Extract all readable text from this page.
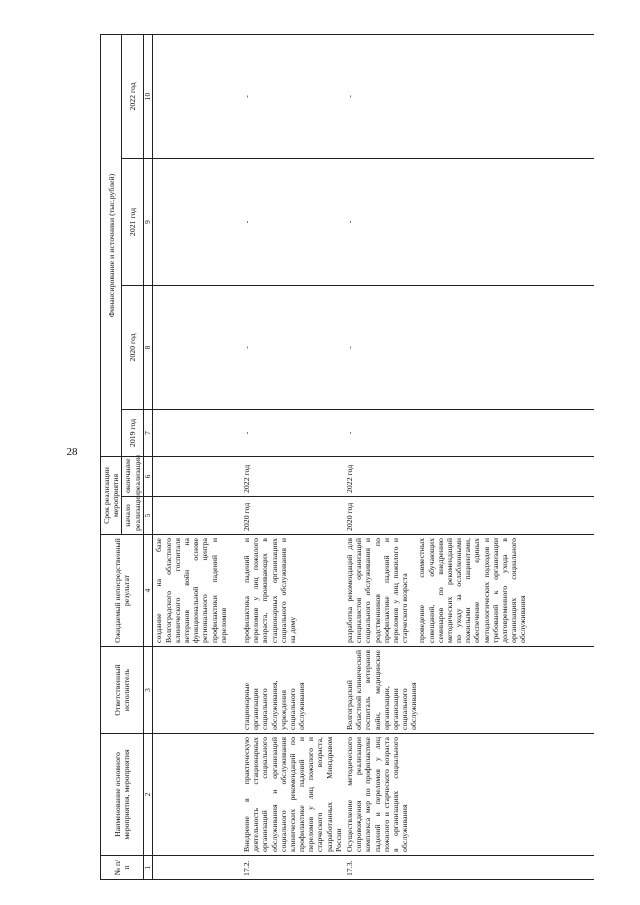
28
№ п/п	Наименование основного мероприятия, мероприятия	Ответственный исполнитель	Ожидаемый непосредственный результат	Срок реализации мероприятия		Финансирование и источники (тыс.рублей)			
				начало реализации	окончание реализации	2019 год	2020 год	2021 год	2022 год
1	2	3	4	5	6	7	8	9	10

			создание на базе Волгоградского областного клинического госпиталя ветеранов войн на функциональной основе регионального центра профилактики падений и переломов						

17.2.	Внедрение в практическую деятельность стационарных организаций социального обслуживания и организаций социального обслуживания клинических рекомендаций по профилактике падений и переломов у лиц пожилого и старческого возраста, разработанных Минздравом России	стационарные организации социального обслуживания, учреждения социального обслуживания	профилактика падений и переломов у лиц пожилого возраста, проживающих в стационарных организациях социального обслуживания и на дому	2020 год	2022 год	-	-	-	-
17.3.	Осуществление методического сопровождения реализации комплекса мер по профилактике падений и переломов у лиц пожилого и старческого возраста в организациях социального обслуживания	Волгоградский областной клинический госпиталь ветеранов войн, медицинские организации, организации социального обслуживания	разработка рекомендаций для специалистов организаций социального обслуживания и родственников по профилактике падений и переломов у лиц пожилого и старческого возраста проведение совместных совещаний, обучающих семинаров по внедрению методических рекомендаций по уходу за ослабленными пожилыми пациентами, обеспечение единых методологических подходов и требований к организации долговременного ухода в организациях социального обслуживания	2020 год	2022 год	-	-	-	-
